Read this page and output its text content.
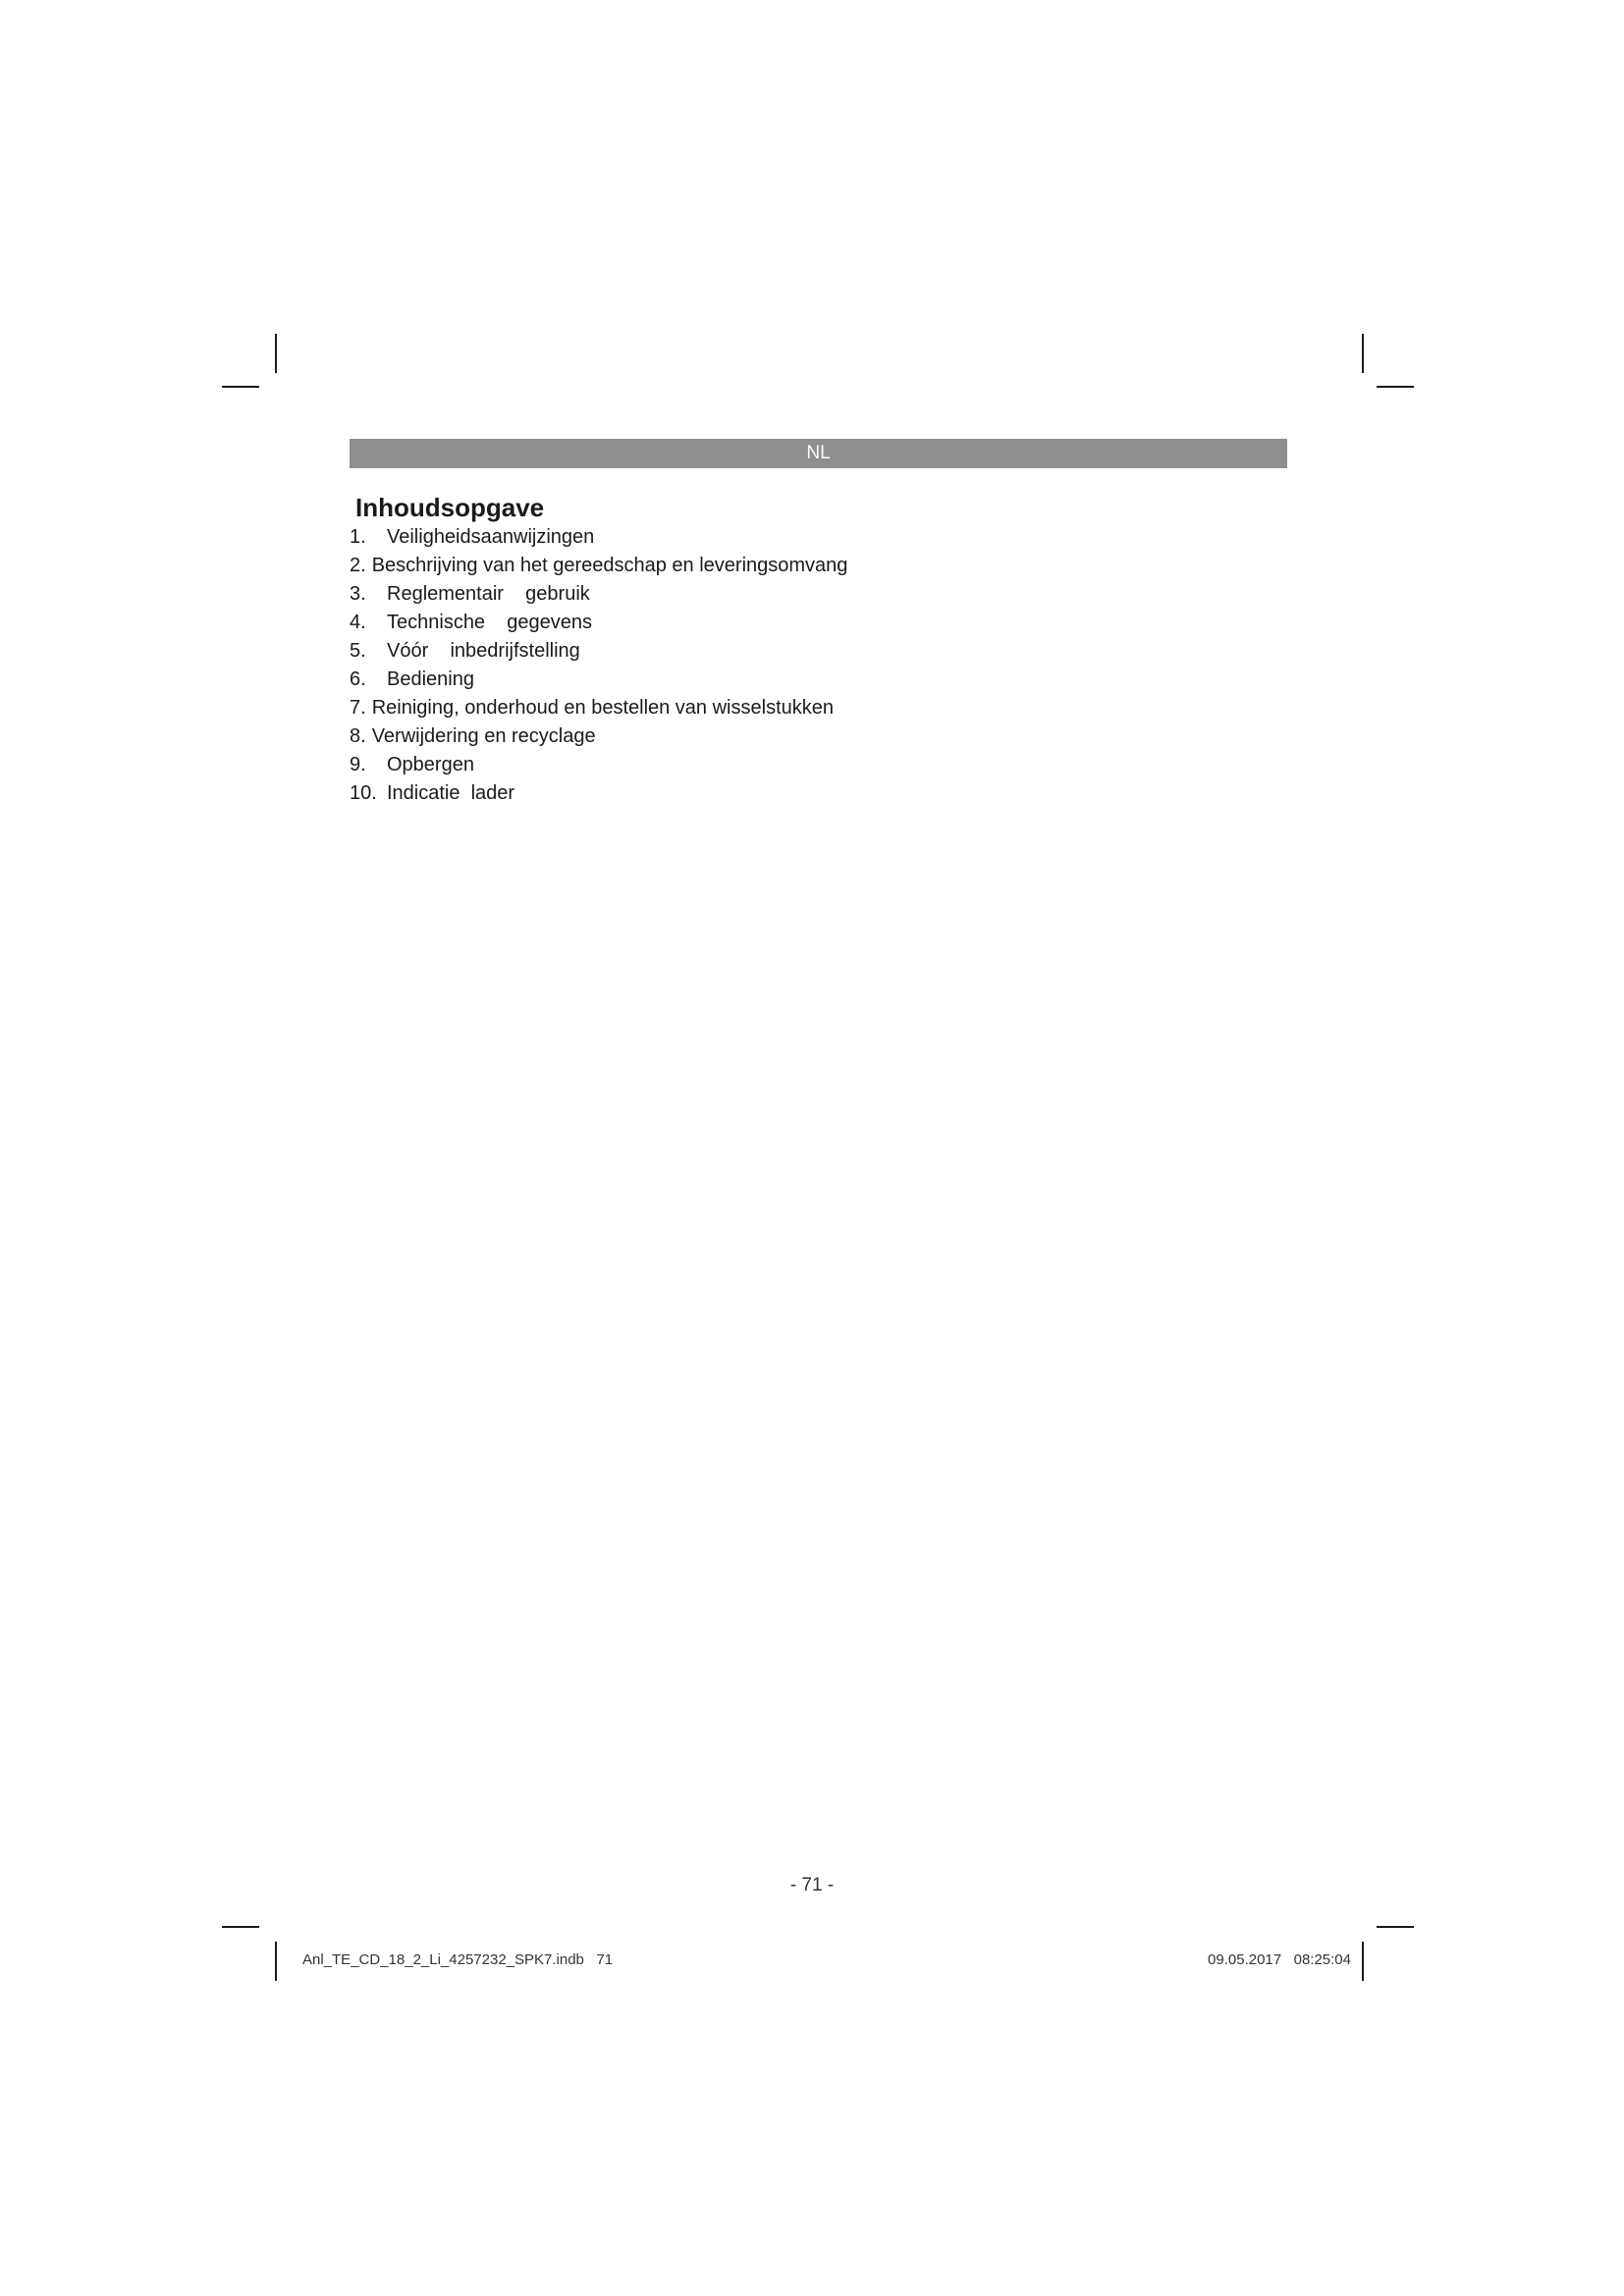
NL
Inhoudsopgave
1. Veiligheidsaanwijzingen
2. Beschrijving van het gereedschap en leveringsomvang
3. Reglementair    gebruik
4. Technische    gegevens
5. Vóór    inbedrijfstelling
6. Bediening
7. Reiniging, onderhoud en bestellen van wisselstukken
8. Verwijdering en recyclage
9. Opbergen
10. Indicatie  lader
- 71 -
Anl_TE_CD_18_2_Li_4257232_SPK7.indb   71	09.05.2017   08:25:04
